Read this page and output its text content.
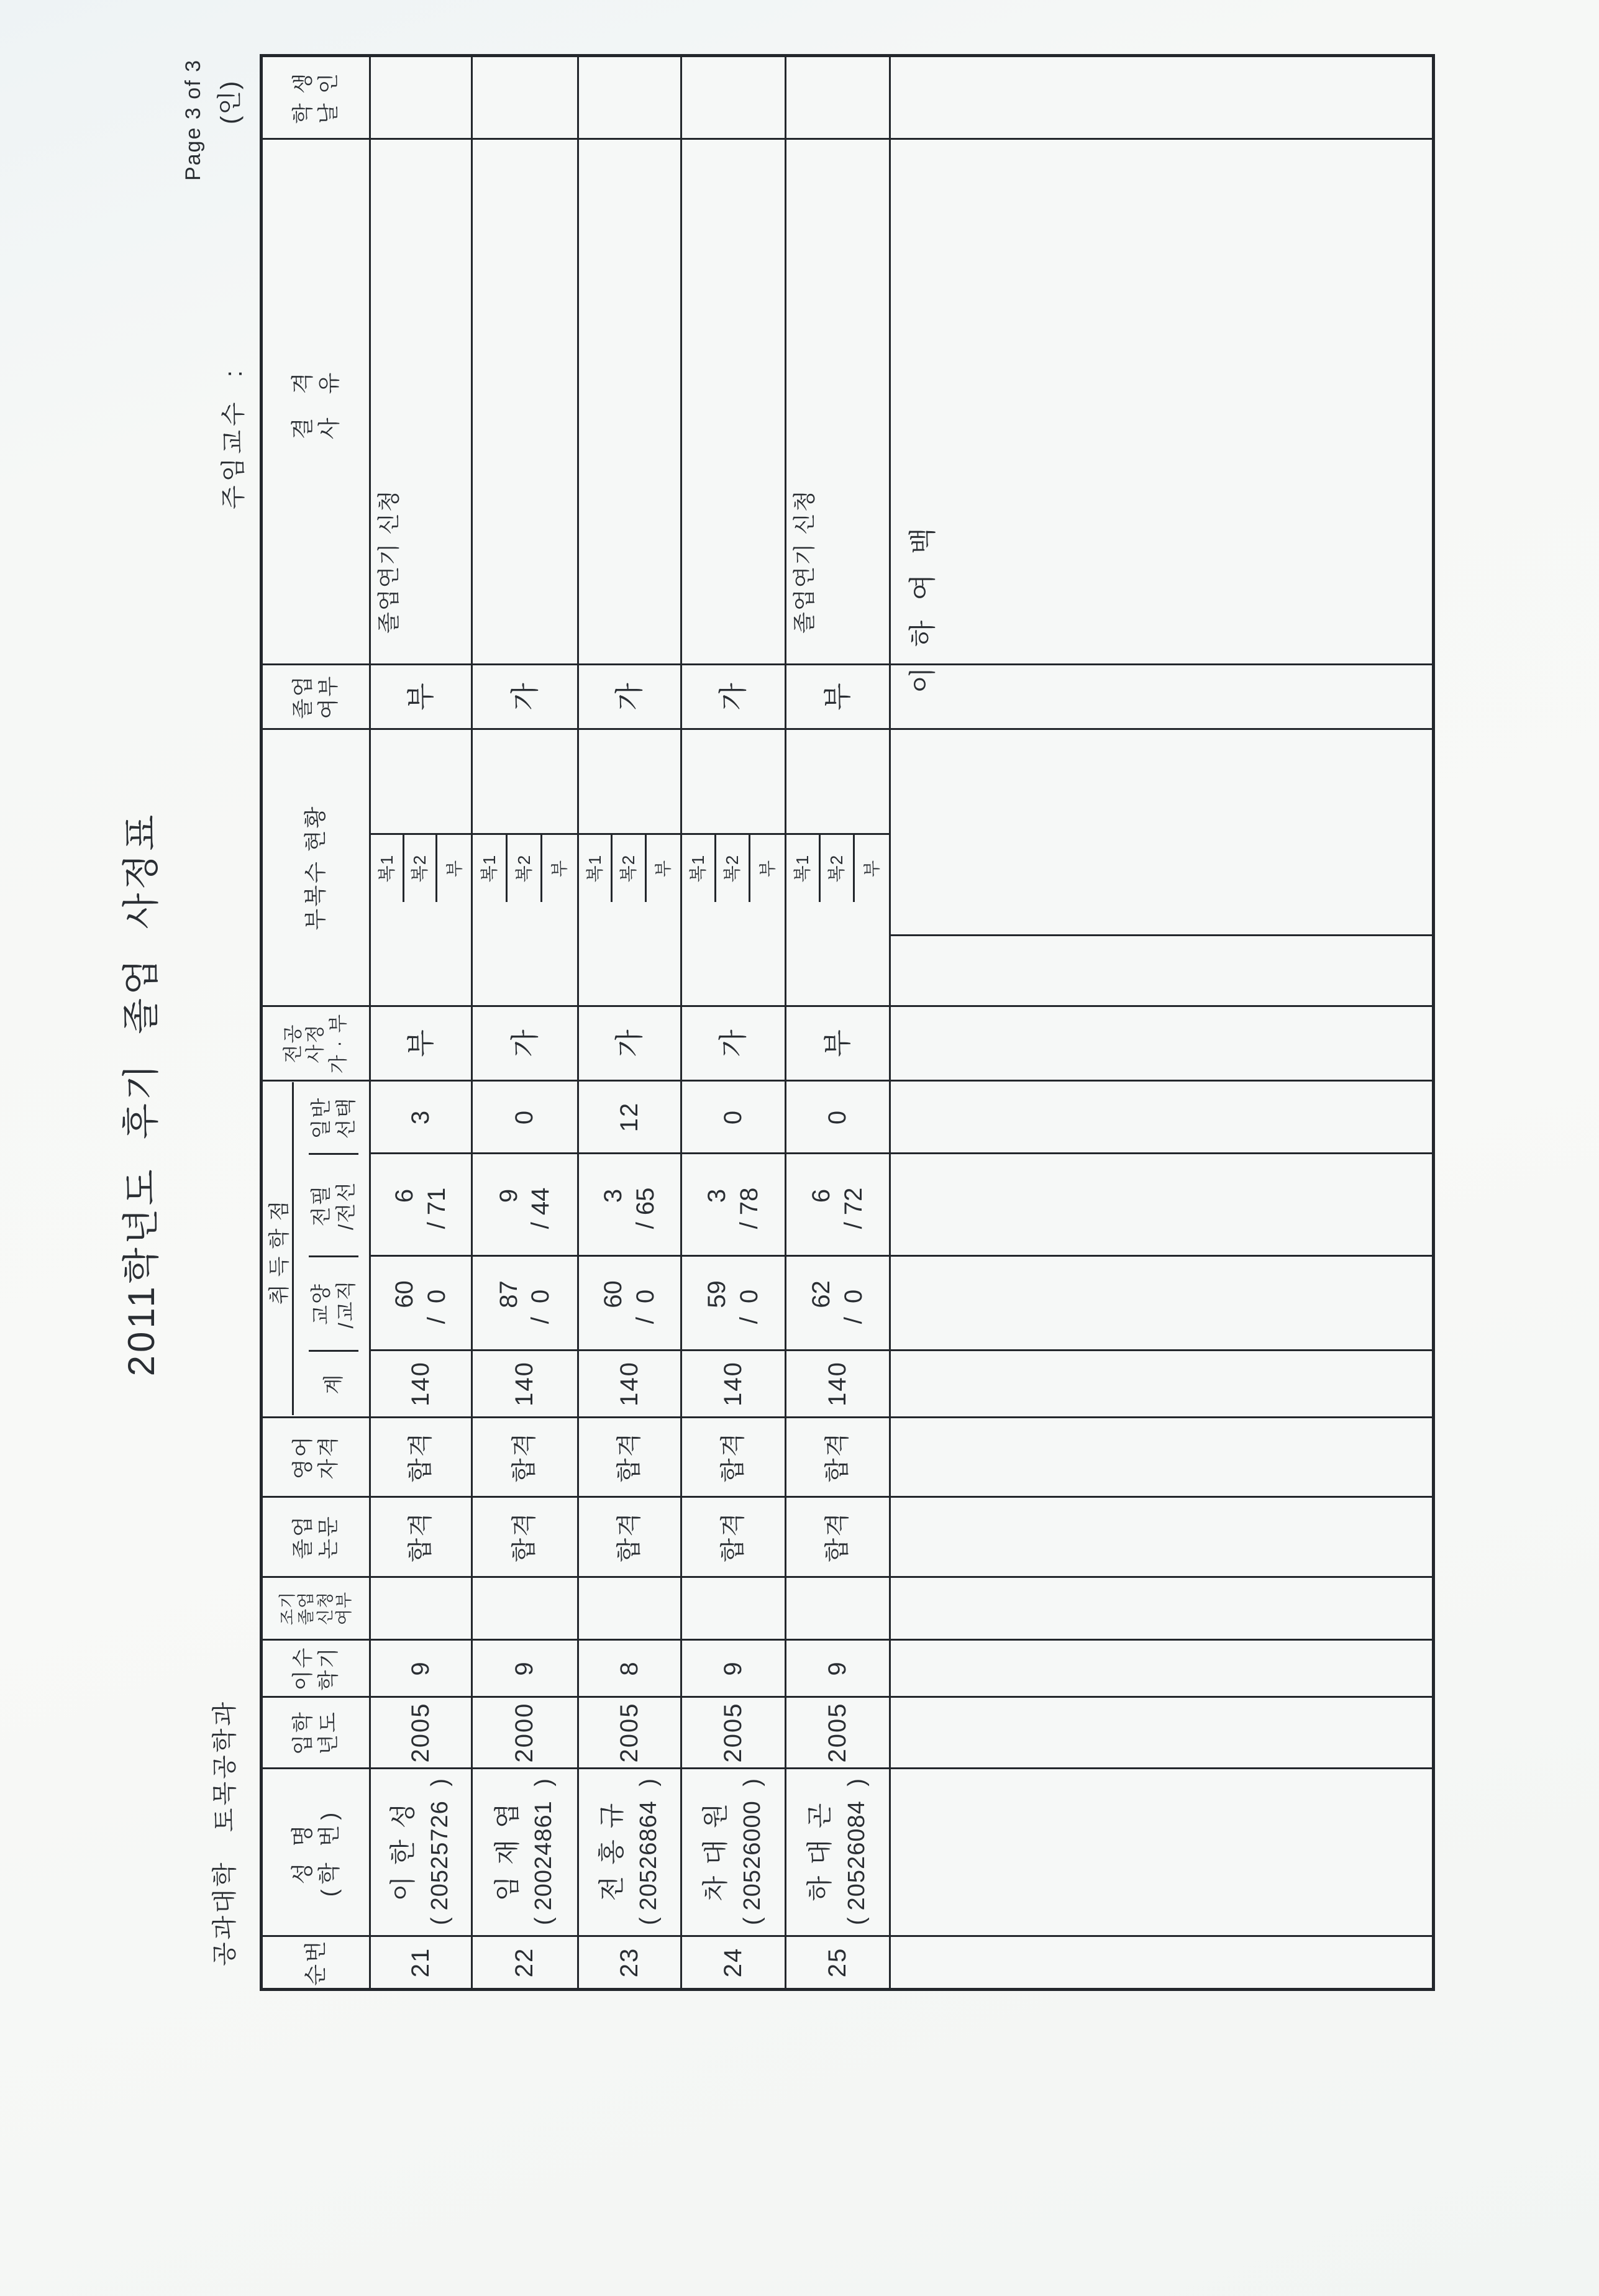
2011학년도  후기  졸업  사정표
Page 3 of 3 (인)
주임교수  :
공과대학   토목공학과	순번
성 명 (학 번)
입학 년도
이수 학기
조기 졸업 신청 여부
졸업 논문
영어 자격
취득학점
계
교양 /교직
전필 /전선
일반 선택
전공 사정 가 · 부
부복수 현황
졸업 여부
결 격 사 유
학 생 날 인
21
이한성
(
20525726
)
2005
9
합격
합격
140
60 /  0
6 / 71
3
부
복1 복2 부
부
졸업연기 신청
22
임재엽
(
20024861
)
2000
9
합격
합격
140
87 /  0
9 / 44
0
가
복1 복2 부
가
23
전홍규
(
20526864
)
2005
8
합격
합격
140
60 /  0
3 / 65
12
가
복1 복2 부
가
24
차대원
(
20526000
)
2005
9
합격
합격
140
59 /  0
3 / 78
0
가
복1 복2 부
가
25
하대곤
(
20526084
)
2005
9
합격
합격
140
62 /  0
6 / 72
0
부
복1 복2 부
부
졸업연기 신청	이 하 여 백
